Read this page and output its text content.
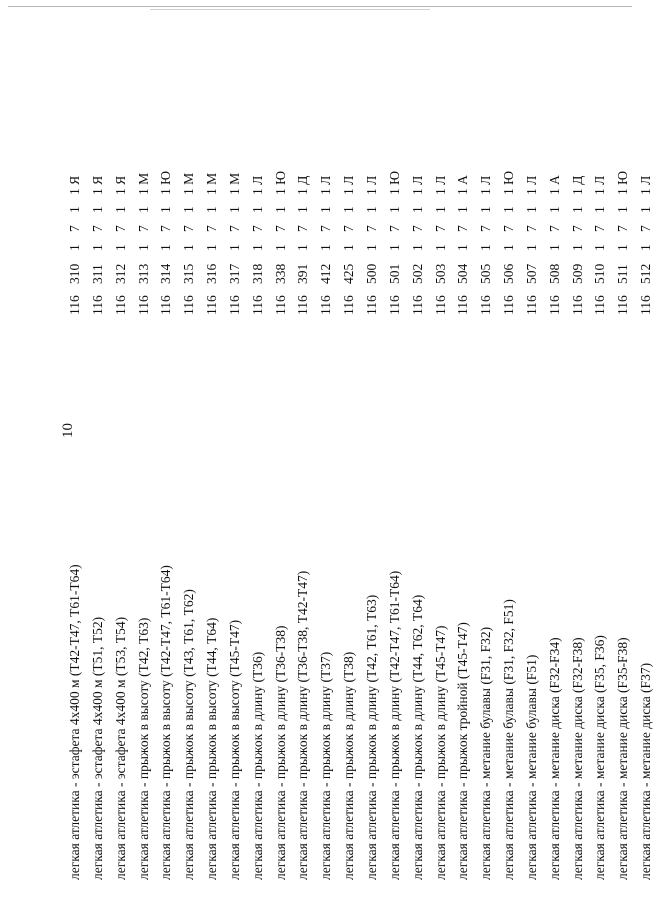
10
легкая атлетика - эстафета 4х400 м (Т42-Т47, Т61-Т64)
116
310
1
7
1
1 Я
легкая атлетика - эстафета 4х400 м (Т51, Т52)
116
311
1
7
1
1 Я
легкая атлетика - эстафета 4х400 м (Т53, Т54)
116
312
1
7
1
1 Я
легкая атлетика - прыжок в высоту (Т42, Т63)
116
313
1
7
1
1 М
легкая атлетика - прыжок в высоту (Т42-Т47, Т61-Т64)
116
314
1
7
1
1 Ю
легкая атлетика - прыжок в высоту (Т43, Т61, Т62)
116
315
1
7
1
1 М
легкая атлетика - прыжок в высоту (Т44, Т64)
116
316
1
7
1
1 М
легкая атлетика - прыжок в высоту (Т45-Т47)
116
317
1
7
1
1 М
легкая атлетика - прыжок в длину (Т36)
116
318
1
7
1
1 Л
легкая атлетика - прыжок в длину (Т36-Т38)
116
338
1
7
1
1 Ю
легкая атлетика - прыжок в длину (Т36-Т38, Т42-Т47)
116
391
1
7
1
1 Д
легкая атлетика - прыжок в длину (Т37)
116
412
1
7
1
1 Л
легкая атлетика - прыжок в длину (Т38)
116
425
1
7
1
1 Л
легкая атлетика - прыжок в длину (Т42, Т61, Т63)
116
500
1
7
1
1 Л
легкая атлетика - прыжок в длину (Т42-Т47, Т61-Т64)
116
501
1
7
1
1 Ю
легкая атлетика - прыжок в длину (Т44, Т62, Т64)
116
502
1
7
1
1 Л
легкая атлетика - прыжок в длину (Т45-Т47)
116
503
1
7
1
1 Л
легкая атлетика - прыжок тройной (Т45-Т47)
116
504
1
7
1
1 А
легкая атлетика - метание булавы (F31, F32)
116
505
1
7
1
1 Л
легкая атлетика - метание булавы (F31, F32, F51)
116
506
1
7
1
1 Ю
легкая атлетика - метание булавы (F51)
116
507
1
7
1
1 Л
легкая атлетика - метание диска (F32-F34)
116
508
1
7
1
1 А
легкая атлетика - метание диска (F32-F38)
116
509
1
7
1
1 Д
легкая атлетика - метание диска (F35, F36)
116
510
1
7
1
1 Л
легкая атлетика - метание диска (F35-F38)
116
511
1
7
1
1 Ю
легкая атлетика - метание диска (F37)
116
512
1
7
1
1 Л
